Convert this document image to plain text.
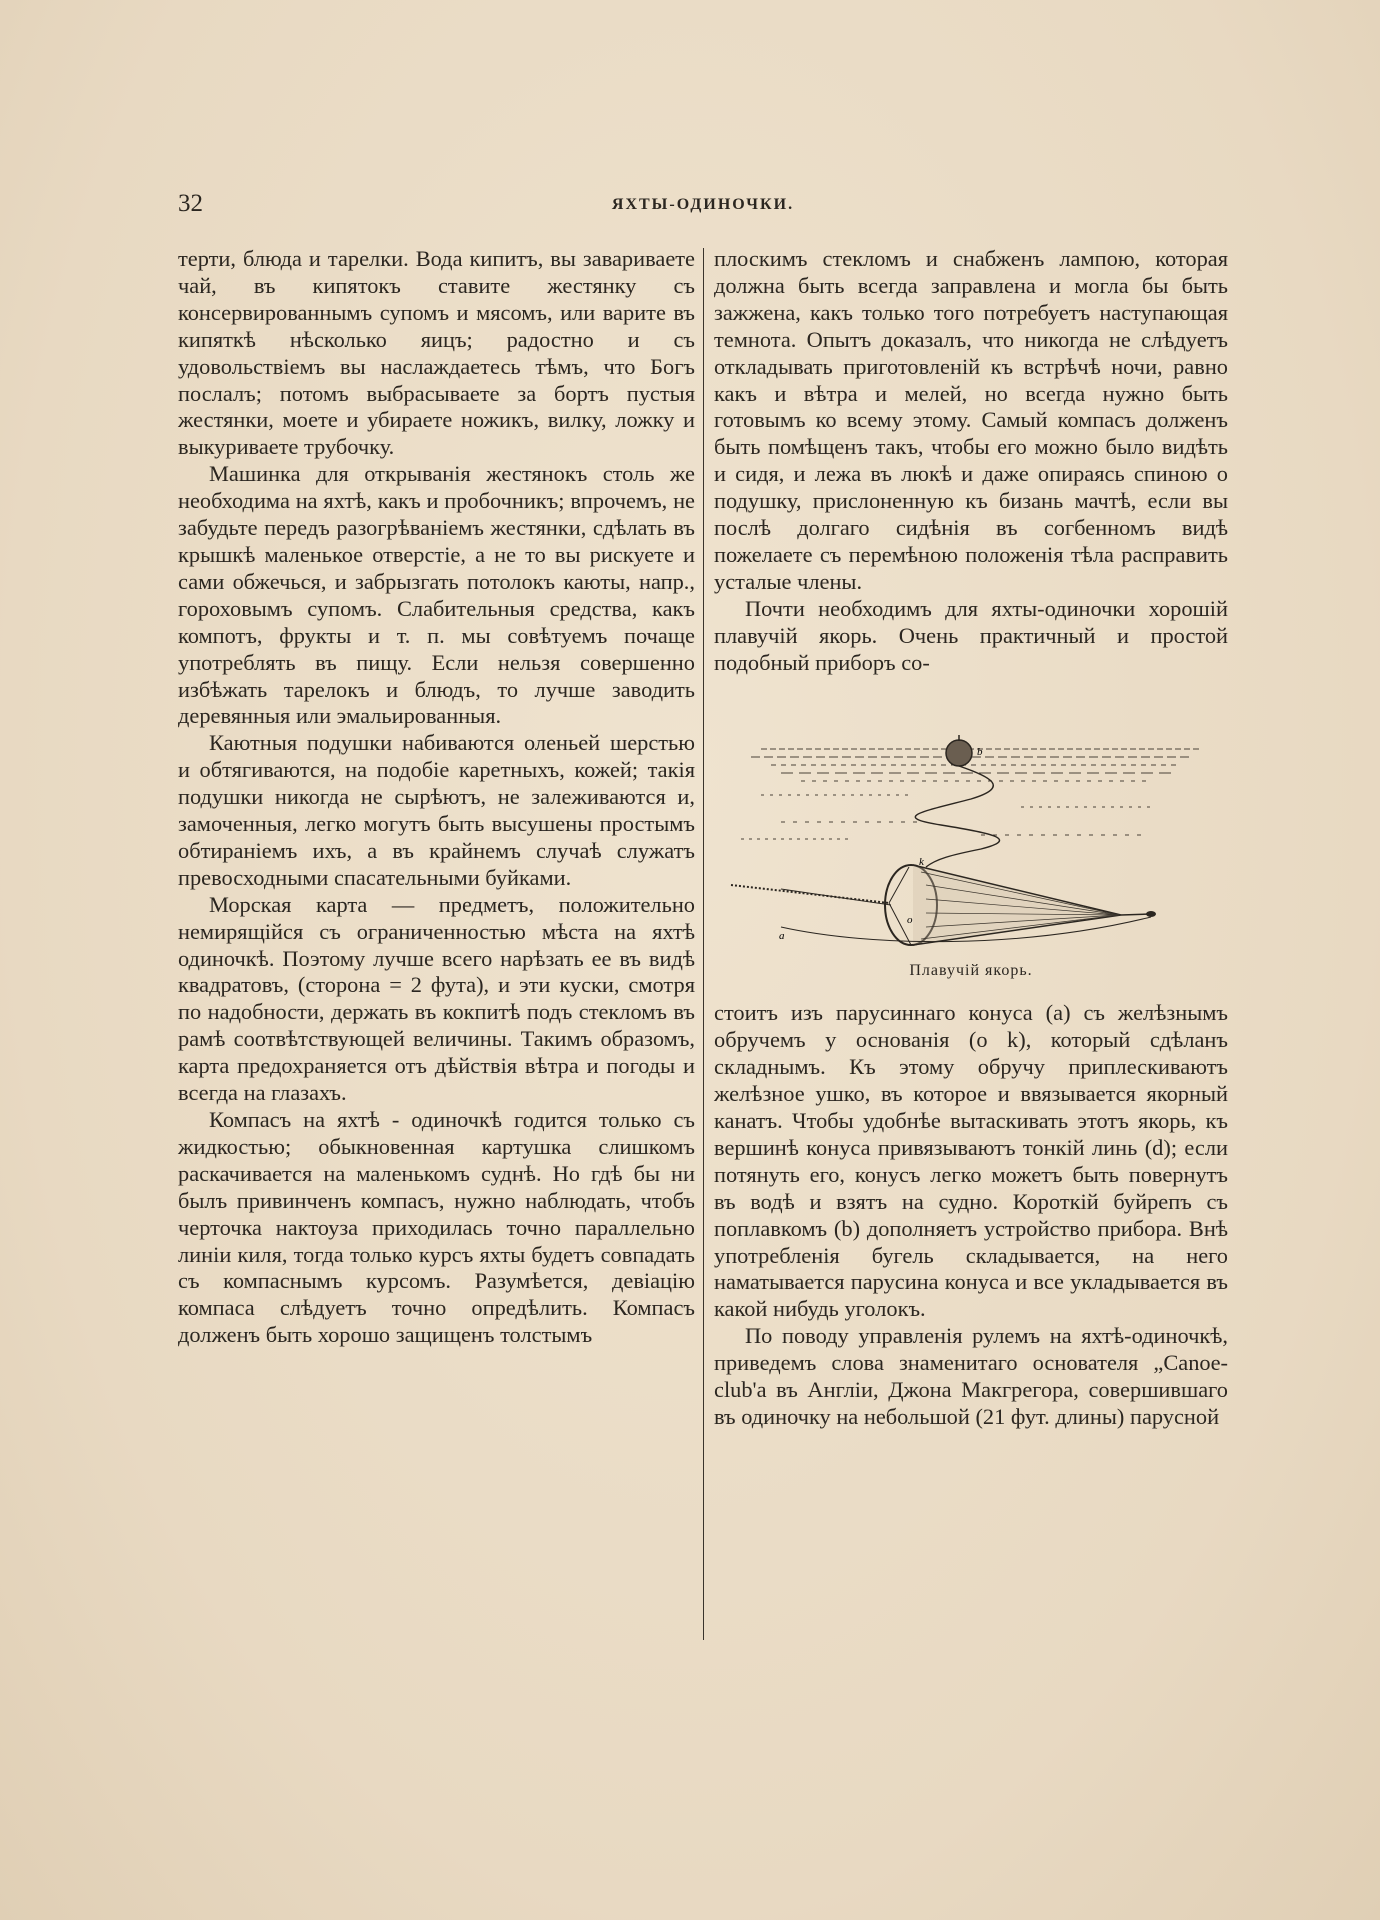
32	ЯХТЫ-ОДИНОЧКИ.

терти, блюда и тарелки. Вода кипитъ, вы завариваете чай, въ кипятокъ ставите жестянку съ консервированнымъ супомъ и мясомъ, или варите въ кипяткѣ нѣсколько яицъ; радостно и съ удовольствіемъ вы наслаждаетесь тѣмъ, что Богъ послалъ; потомъ выбрасываете за бортъ пустыя жестянки, моете и убираете ножикъ, вилку, ложку и выкуриваете трубочку.

Машинка для открыванія жестянокъ столь же необходима на яхтѣ, какъ и пробочникъ; впрочемъ, не забудьте передъ разогрѣваніемъ жестянки, сдѣлать въ крышкѣ маленькое отверстіе, а не то вы рискуете и сами обжечься, и забрызгать потолокъ каюты, напр., гороховымъ супомъ. Слабительныя средства, какъ компотъ, фрукты и т. п. мы совѣтуемъ почаще употреблять въ пищу. Если нельзя совершенно избѣжать тарелокъ и блюдъ, то лучше заводить деревянныя или эмальированныя.

Каютныя подушки набиваются оленьей шерстью и обтягиваются, на подобіе каретныхъ, кожей; такія подушки никогда не сырѣютъ, не залеживаются и, замоченныя, легко могутъ быть высушены простымъ обтираніемъ ихъ, а въ крайнемъ случаѣ служатъ превосходными спасательными буйками.

Морская карта — предметъ, положительно немирящійся съ ограниченностью мѣста на яхтѣ одиночкѣ. Поэтому лучше всего нарѣзать ее въ видѣ квадратовъ, (сторона = 2 фута), и эти куски, смотря по надобности, держать въ кокпитѣ подъ стекломъ въ рамѣ соотвѣтствующей величины. Такимъ образомъ, карта предохраняется отъ дѣйствія вѣтра и погоды и всегда на глазахъ.

Компасъ на яхтѣ - одиночкѣ годится только съ жидкостью; обыкновенная картушка слишкомъ раскачивается на маленькомъ суднѣ. Но гдѣ бы ни былъ привинченъ компасъ, нужно наблюдать, чтобъ черточка нактоуза приходилась точно параллельно линіи киля, тогда только курсъ яхты будетъ совпадать съ компаснымъ курсомъ. Разумѣется, девіацію компаса слѣдуетъ точно опредѣлить. Компасъ долженъ быть хорошо защищенъ толстымъ

плоскимъ стекломъ и снабженъ лампою, которая должна быть всегда заправлена и могла бы быть зажжена, какъ только того потребуетъ наступающая темнота. Опытъ доказалъ, что никогда не слѣдуетъ откладывать приготовленій къ встрѣчѣ ночи, равно какъ и вѣтра и мелей, но всегда нужно быть готовымъ ко всему этому. Самый компасъ долженъ быть помѣщенъ такъ, чтобы его можно было видѣть и сидя, и лежа въ люкѣ и даже опираясь спиною о подушку, прислоненную къ бизань мачтѣ, если вы послѣ долгаго сидѣнія въ согбенномъ видѣ пожелаете съ перемѣною положенія тѣла расправить усталые члены.

Почти необходимъ для яхты-одиночки хорошій плавучій якорь. Очень практичный и простой подобный приборъ со-

b
a
k
o
Плавучій якорь.

стоитъ изъ парусиннаго конуса (a) съ желѣзнымъ обручемъ у основанія (o k), который сдѣланъ складнымъ. Къ этому обручу приплескиваютъ желѣзное ушко, въ которое и ввязывается якорный канатъ. Чтобы удобнѣе вытаскивать этотъ якорь, къ вершинѣ конуса привязываютъ тонкій линь (d); если потянуть его, конусъ легко можетъ быть повернутъ въ водѣ и взятъ на судно. Короткій буйрепъ съ поплавкомъ (b) дополняетъ устройство прибора. Внѣ употребленія бугель складывается, на него наматывается парусина конуса и все укладывается въ какой нибудь уголокъ.

По поводу управленія рулемъ на яхтѣ-одиночкѣ, приведемъ слова знаменитаго основателя „Canoe-club'a въ Англіи, Джона Макгрегора, совершившаго въ одиночку на небольшой (21 фут. длины) парусной
